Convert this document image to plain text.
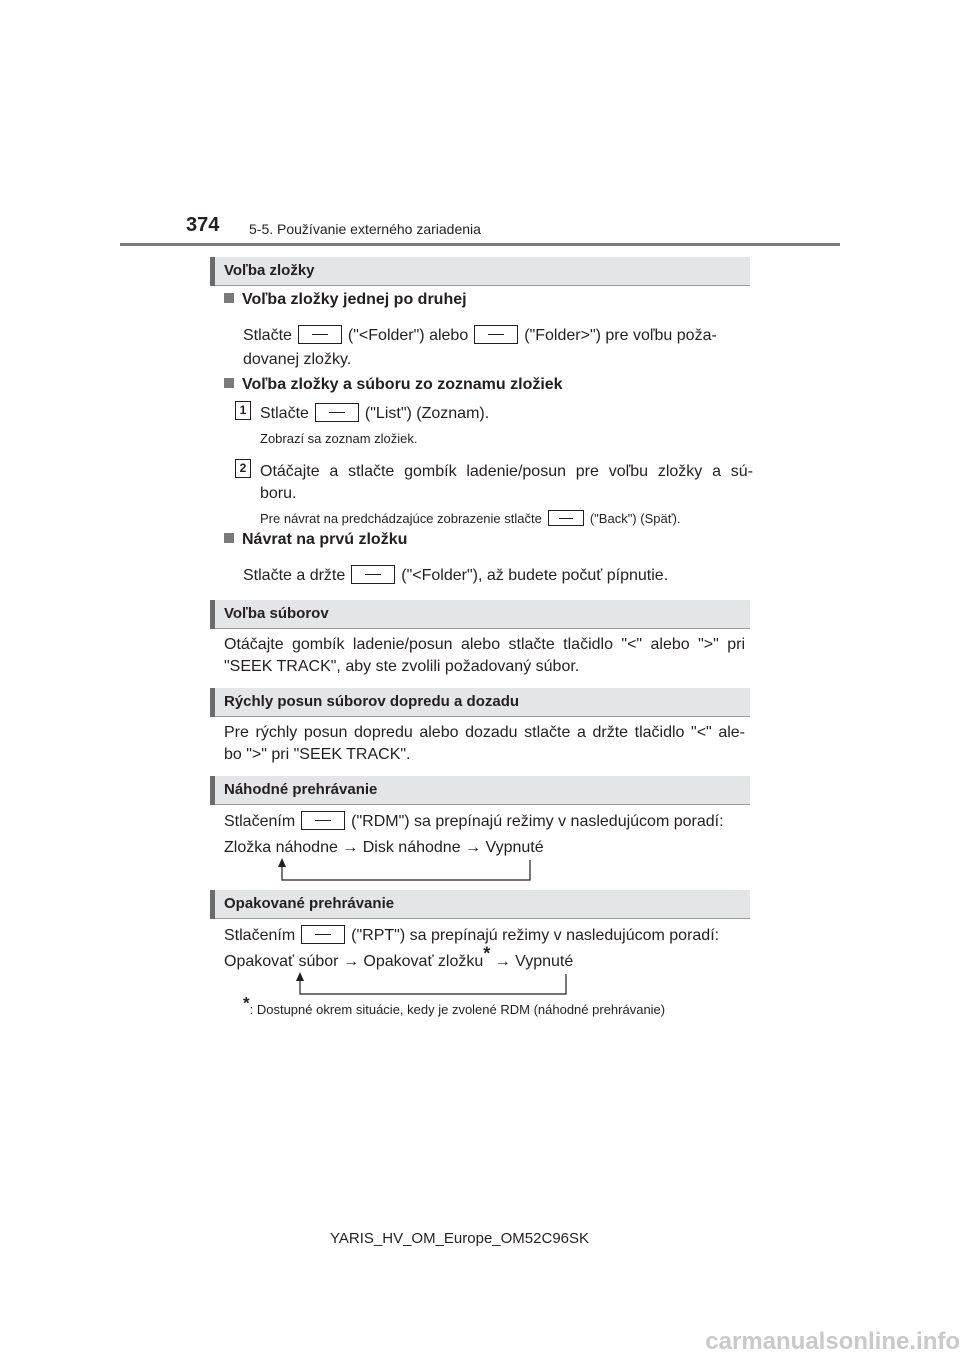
374 5-5. Používanie externého zariadenia
Voľba zložky
Voľba zložky jednej po druhej
Stlačte	("<Folder") alebo	("Folder>") pre voľbu poža-
dovanej zložky.
Voľba zložky a súboru zo zoznamu zložiek
1 Stlačte	("List") (Zoznam).
Zobrazí sa zoznam zložiek.
2 Otáčajte a stlačte gombík ladenie/posun pre voľbu zložky a sú-
boru.
Pre návrat na predchádzajúce zobrazenie stlačte	("Back") (Späť).
Návrat na prvú zložku
Stlačte a držte	("<Folder"), až budete počuť pípnutie.
Voľba súborov
Otáčajte gombík ladenie/posun alebo stlačte tlačidlo "<" alebo ">" pri
"SEEK TRACK", aby ste zvolili požadovaný súbor.
Rýchly posun súborov dopredu a dozadu
Pre rýchly posun dopredu alebo dozadu stlačte a držte tlačidlo "<" ale-
bo ">" pri "SEEK TRACK".
Náhodné prehrávanie
Stlačením	("RDM") sa prepínajú režimy v nasledujúcom poradí:
Zložka náhodne → Disk náhodne → Vypnuté
Opakované prehrávanie
Stlačením	("RPT") sa prepínajú režimy v nasledujúcom poradí:
Opakovať súbor → Opakovať zložku* → Vypnuté
*: Dostupné okrem situácie, kedy je zvolené RDM (náhodné prehrávanie)
YARIS_HV_OM_Europe_OM52C96SK
carmanualsonline.info
